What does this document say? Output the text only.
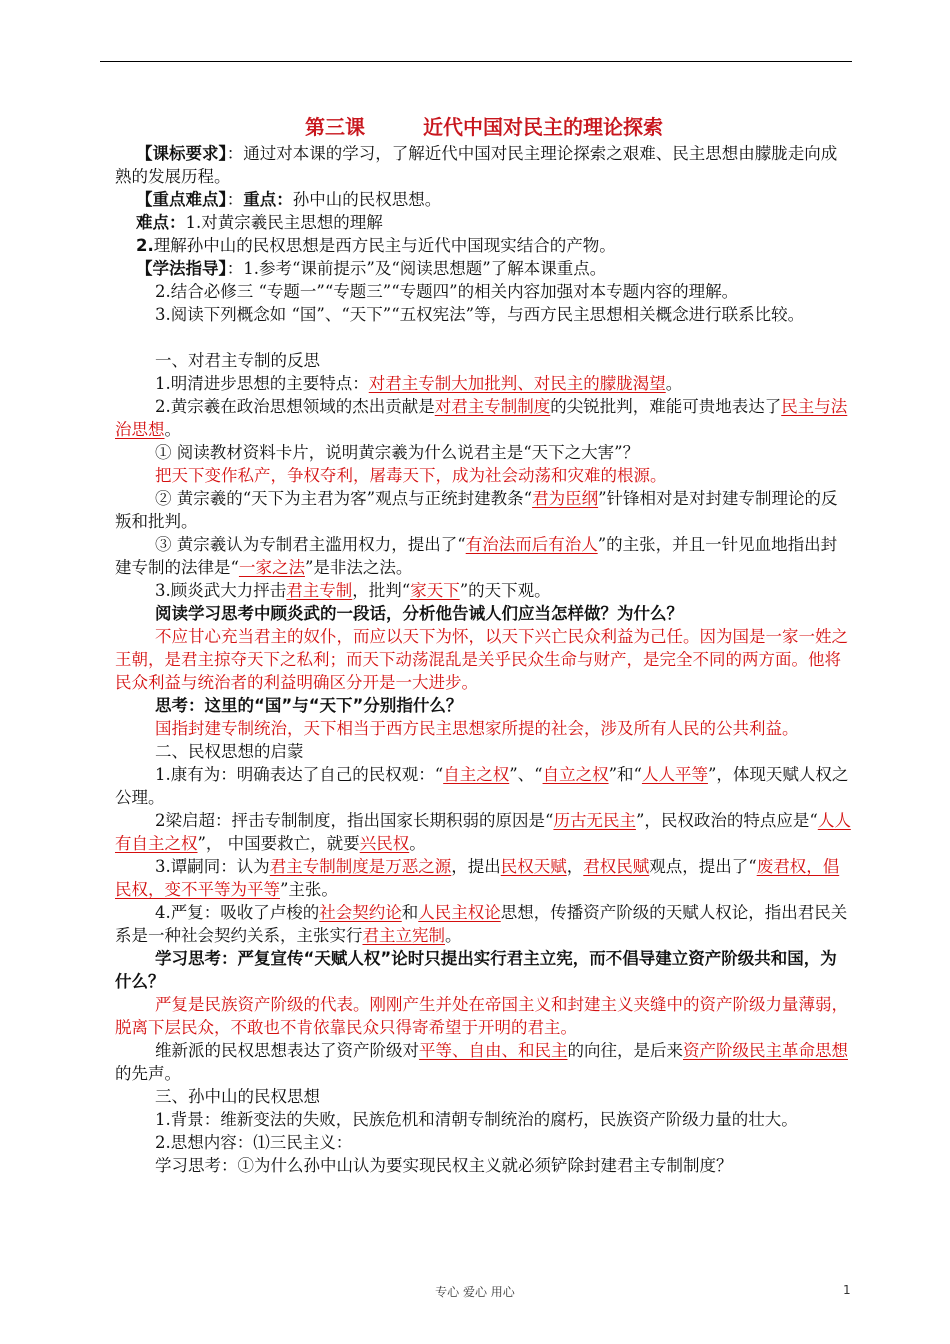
第三课	近代中国对民主的理论探索

【课标要求】：通过对本课的学习，了解近代中国对民主理论探索之艰难、民主思想由朦胧走向成熟的发展历程。

【重点难点】：重点：孙中山的民权思想。

难点：1.对黄宗羲民主思想的理解

2.理解孙中山的民权思想是西方民主与近代中国现实结合的产物。

【学法指导】：1.参考“课前提示”及“阅读思想题”了解本课重点。

2.结合必修三 “专题一”“专题三”“专题四”的相关内容加强对本专题内容的理解。

3.阅读下列概念如 “国”、“天下”“五权宪法”等，与西方民主思想相关概念进行联系比较。

一、对君主专制的反思

1.明清进步思想的主要特点：对君主专制大加批判、对民主的朦胧渴望。

2.黄宗羲在政治思想领域的杰出贡献是对君主专制制度的尖锐批判，难能可贵地表达了民主与法治思想。

① 阅读教材资料卡片，说明黄宗羲为什么说君主是“天下之大害”？

把天下变作私产，争权夺利，屠毒天下，成为社会动荡和灾难的根源。

② 黄宗羲的“天下为主君为客”观点与正统封建教条“君为臣纲”针锋相对是对封建专制理论的反叛和批判。

③ 黄宗羲认为专制君主滥用权力，提出了“有治法而后有治人”的主张，并且一针见血地指出封建专制的法律是“一家之法”是非法之法。

3.顾炎武大力抨击君主专制，批判“家天下”的天下观。

阅读学习思考中顾炎武的一段话，分析他告诫人们应当怎样做？为什么？

不应甘心充当君主的奴仆，而应以天下为怀，以天下兴亡民众利益为己任。因为国是一家一姓之王朝，是君主掠夺天下之私利；而天下动荡混乱是关乎民众生命与财产，是完全不同的两方面。他将民众利益与统治者的利益明确区分开是一大进步。

思考：这里的“国”与“天下”分别指什么？

国指封建专制统治，天下相当于西方民主思想家所提的社会，涉及所有人民的公共利益。

二、民权思想的启蒙

1.康有为：明确表达了自己的民权观：“自主之权”、“自立之权”和“人人平等”，体现天赋人权之公理。

2梁启超：抨击专制制度，指出国家长期积弱的原因是“历古无民主”，民权政治的特点应是“人人有自主之权”， 中国要救亡，就要兴民权。

3.谭嗣同：认为君主专制制度是万恶之源，提出民权天赋，君权民赋观点，提出了“废君权，倡民权，变不平等为平等”主张。

4.严复：吸收了卢梭的社会契约论和人民主权论思想，传播资产阶级的天赋人权论，指出君民关系是一种社会契约关系，主张实行君主立宪制。

学习思考：严复宣传“天赋人权”论时只提出实行君主立宪，而不倡导建立资产阶级共和国，为什么？

严复是民族资产阶级的代表。刚刚产生并处在帝国主义和封建主义夹缝中的资产阶级力量薄弱，脱离下层民众，不敢也不肯依靠民众只得寄希望于开明的君主。

维新派的民权思想表达了资产阶级对平等、自由、和民主的向往，是后来资产阶级民主革命思想的先声。

三、孙中山的民权思想

1.背景：维新变法的失败，民族危机和清朝专制统治的腐朽，民族资产阶级力量的壮大。

2.思想内容：⑴三民主义：

学习思考：①为什么孙中山认为要实现民权主义就必须铲除封建君主专制制度？

专心 爱心 用心	1
